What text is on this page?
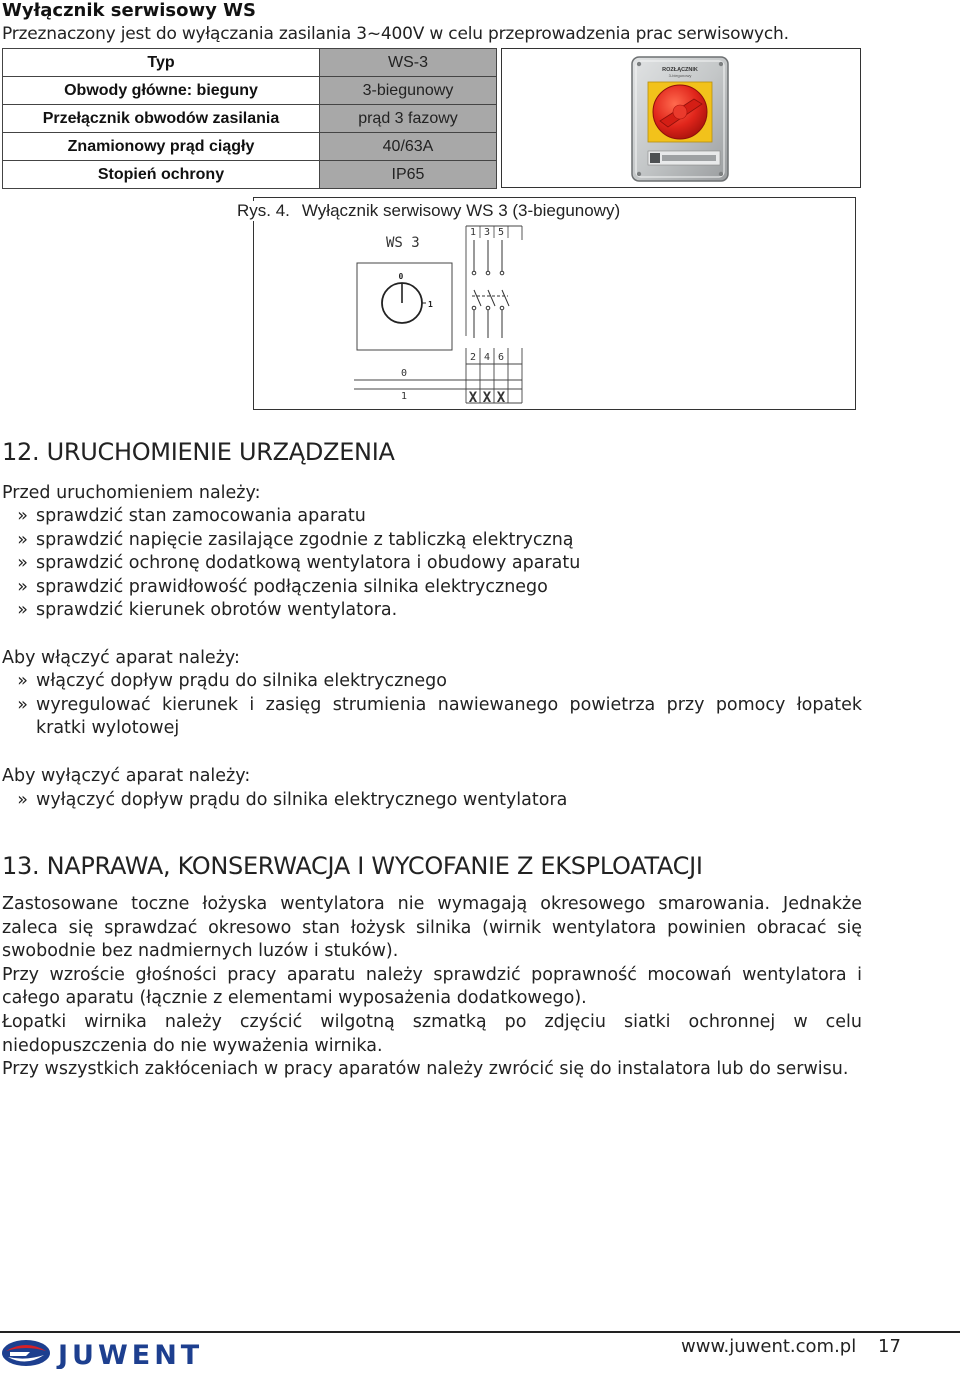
Wyłącznik serwisowy WS
Przeznaczony jest do wyłączania zasilania 3~400V w celu przeprowadzenia prac serwisowych.
Typ	WS-3
Obwody główne: bieguny	3-biegunowy
Przełącznik obwodów zasilania	prąd 3 fazowy
Znamionowy prąd ciągły	40/63A
Stopień ochrony	IP65
ROZŁĄCZNIK
3-biegunowy
WS 3
0
1
1 3 5
2 4 6
0
1	X X X
Rys. 4. Wyłącznik serwisowy WS 3 (3-biegunowy)
12. URUCHOMIENIE URZĄDZENIA
Przed uruchomieniem należy:
» sprawdzić stan zamocowania aparatu
» sprawdzić napięcie zasilające zgodnie z tabliczką elektryczną
» sprawdzić ochronę dodatkową wentylatora i obudowy aparatu
» sprawdzić prawidłowość podłączenia silnika elektrycznego
» sprawdzić kierunek obrotów wentylatora.
Aby włączyć aparat należy:
» włączyć dopływ prądu do silnika elektrycznego
» wyregulować kierunek i zasięg strumienia nawiewanego powietrza przy pomocy łopatek kratki wylotowej
Aby wyłączyć aparat należy:
» wyłączyć dopływ prądu do silnika elektrycznego wentylatora
13. NAPRAWA, KONSERWACJA I WYCOFANIE Z EKSPLOATACJI
Zastosowane toczne łożyska wentylatora nie wymagają okresowego smarowania. Jednakże zaleca się sprawdzać okresowo stan łożysk silnika (wirnik wentylatora powinien obracać się swobodnie bez nadmiernych luzów i stuków).
Przy wzroście głośności pracy aparatu należy sprawdzić poprawność mocowań wentylatora i całego aparatu (łącznie z elementami wyposażenia dodatkowego).
Łopatki wirnika należy czyścić wilgotną szmatką po zdjęciu siatki ochronnej w celu niedopuszczenia do nie wyważenia wirnika.
Przy wszystkich zakłóceniach w pracy aparatów należy zwrócić się do instalatora lub do serwisu.
JUWENT	www.juwent.com.pl 17
